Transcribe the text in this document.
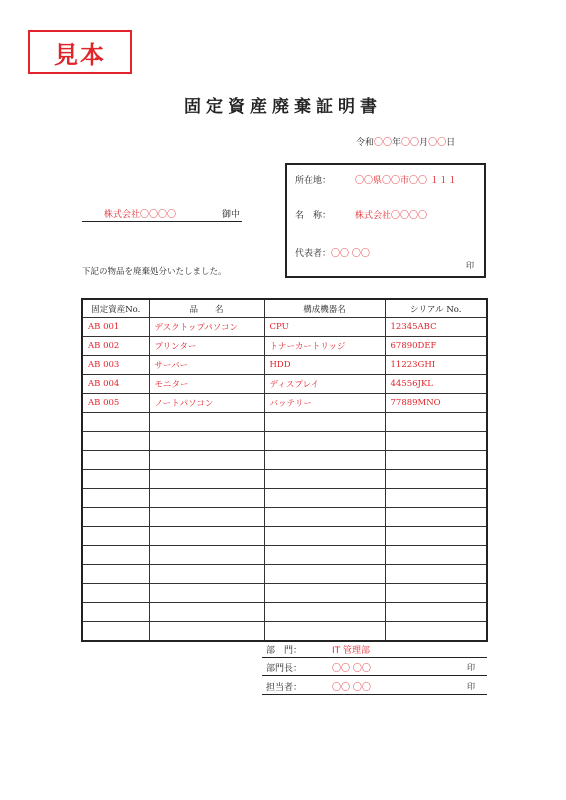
見本
固定資産廃棄証明書
令和〇〇年〇〇月〇〇日
株式会社〇〇〇〇	御中
下記の物品を廃棄処分いたしました。
所在地：	〇〇県〇〇市〇〇 １１１
名　称：	株式会社〇〇〇〇
代表者：〇〇 〇〇
印
固定資産No.	品　　名	構成機器名	シリアル No.
AB 001	デスクトップパソコン	CPU	12345ABC
AB 002	プリンター	トナーカートリッジ	67890DEF
AB 003	サーバー	HDD	11223GHI
AB 004	モニター	ディスプレイ	44556JKL
AB 005	ノートパソコン	バッテリー	77889MNO

部　門：	IT 管理部
部門長：	〇〇 〇〇	印
担当者：	〇〇 〇〇	印
